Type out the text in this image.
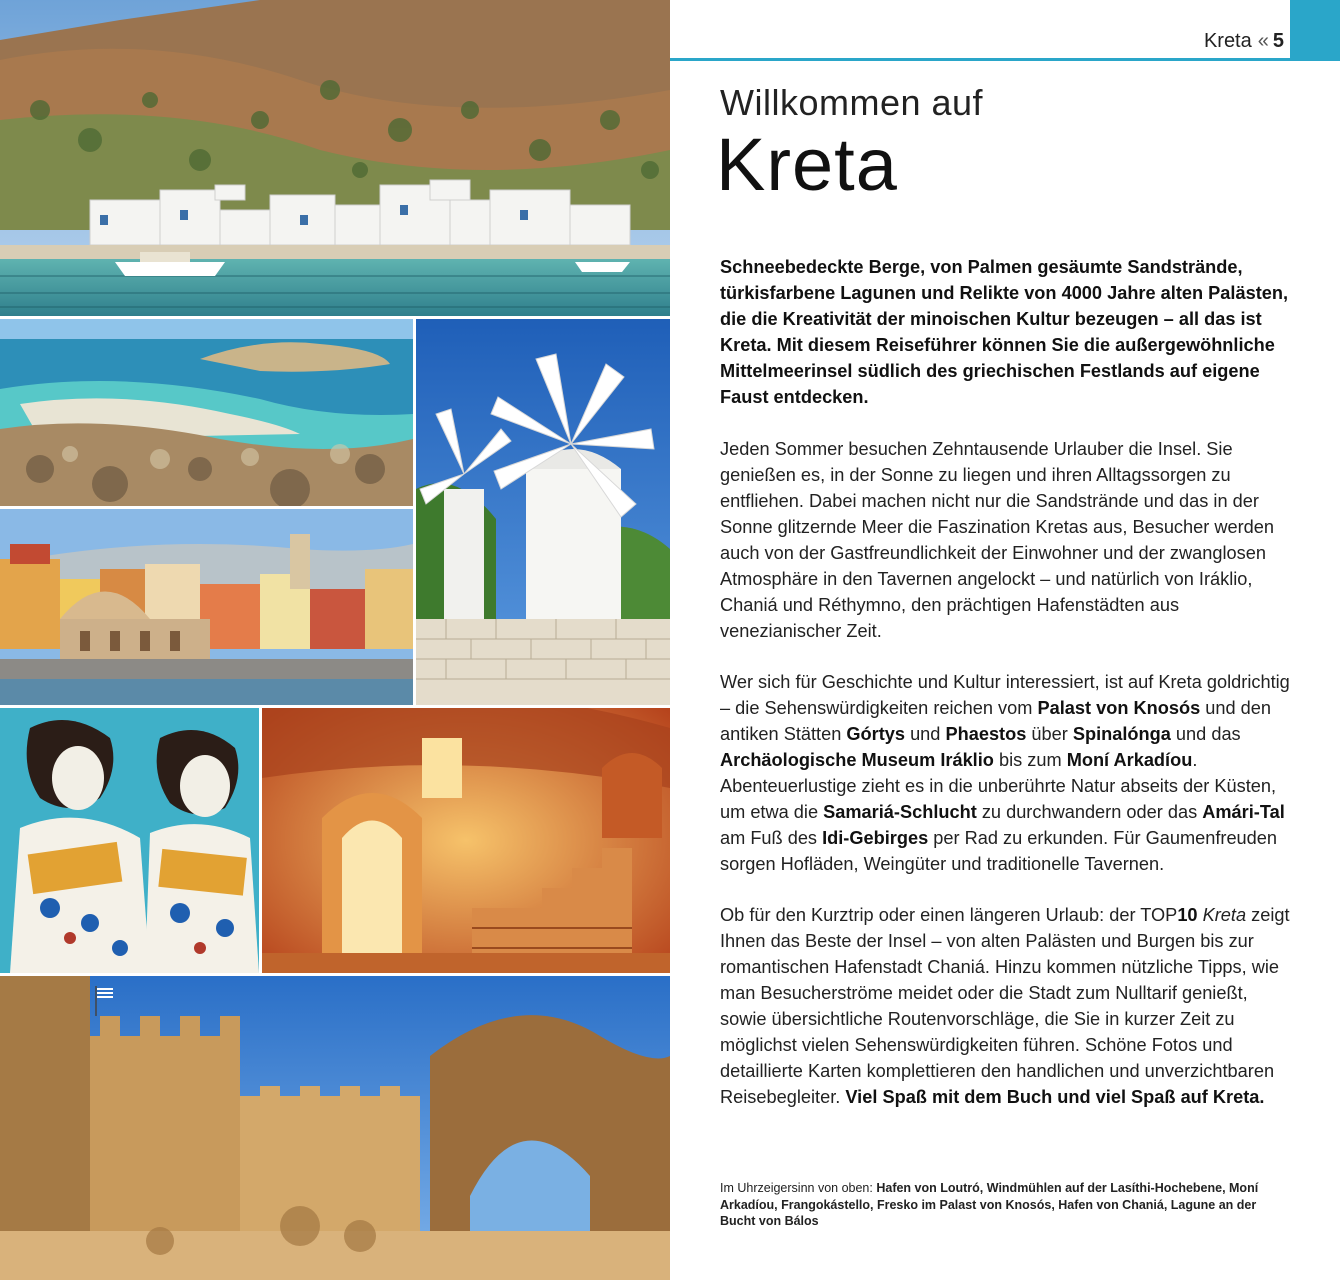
Kreta « 5
Willkommen auf
Kreta

Schneebedeckte Berge, von Palmen gesäumte Sandstrände, türkisfarbene Lagunen und Relikte von 4000 Jahre alten Palästen, die die Kreativität der minoischen Kultur bezeugen – all das ist Kreta. Mit diesem Reiseführer können Sie die außergewöhnliche Mittelmeerinsel südlich des griechischen Festlands auf eigene Faust entdecken.

Jeden Sommer besuchen Zehntausende Urlauber die Insel. Sie genießen es, in der Sonne zu liegen und ihren Alltagssorgen zu entfliehen. Dabei machen nicht nur die Sandstrände und das in der Sonne glitzernde Meer die Faszination Kretas aus, Besucher werden auch von der Gastfreundlichkeit der Einwohner und der zwanglosen Atmosphäre in den Tavernen angelockt – und natürlich von Iráklio, Chaniá und Réthymno, den prächtigen Hafenstädten aus venezianischer Zeit.

Wer sich für Geschichte und Kultur interessiert, ist auf Kreta goldrichtig – die Sehenswürdigkeiten reichen vom Palast von Knosós und den antiken Stätten Górtys und Phaestos über Spinalónga und das Archäologische Museum Iráklio bis zum Moní Arkadíou. Abenteuerlustige zieht es in die unberührte Natur abseits der Küsten, um etwa die Samariá-Schlucht zu durchwandern oder das Amári-Tal am Fuß des Idi-Gebirges per Rad zu erkunden. Für Gaumenfreuden sorgen Hofläden, Weingüter und traditionelle Tavernen.

Ob für den Kurztrip oder einen längeren Urlaub: der TOP10 Kreta zeigt Ihnen das Beste der Insel – von alten Palästen und Burgen bis zur romantischen Hafenstadt Chaniá. Hinzu kommen nützliche Tipps, wie man Besucherströme meidet oder die Stadt zum Nulltarif genießt, sowie übersichtliche Routenvorschläge, die Sie in kurzer Zeit zu möglichst vielen Sehenswürdigkeiten führen. Schöne Fotos und detaillierte Karten komplettieren den handlichen und unverzichtbaren Reisebegleiter. Viel Spaß mit dem Buch und viel Spaß auf Kreta.

Im Uhrzeigersinn von oben: Hafen von Loutró, Windmühlen auf der Lasíthi-Hochebene, Moní Arkadíou, Frangokástello, Fresko im Palast von Knosós, Hafen von Chaniá, Lagune an der Bucht von Bálos
